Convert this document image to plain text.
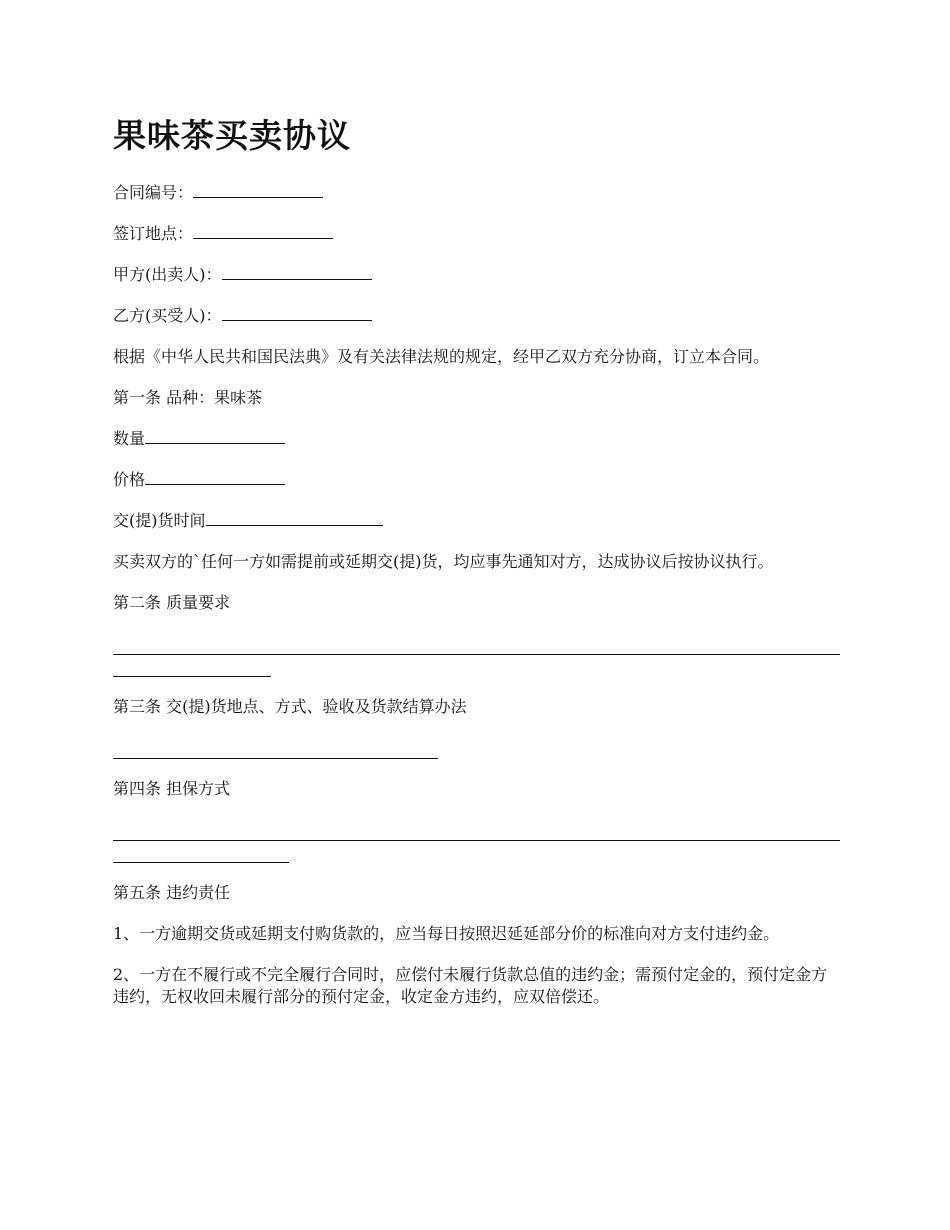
果味茶买卖协议

合同编号：

签订地点：

甲方(出卖人)：

乙方(买受人)：

根据《中华人民共和国民法典》及有关法律法规的规定，经甲乙双方充分协商，订立本合同。

第一条 品种：果味茶

数量

价格

交(提)货时间

买卖双方的`任何一方如需提前或延期交(提)货，均应事先通知对方，达成协议后按协议执行。

第二条 质量要求

第三条 交(提)货地点、方式、验收及货款结算办法

第四条 担保方式

第五条 违约责任

1、一方逾期交货或延期支付购货款的，应当每日按照迟延延部分价的标准向对方支付违约金。

2、一方在不履行或不完全履行合同时，应偿付未履行货款总值的违约金；需预付定金的，预付定金方违约，无权收回未履行部分的预付定金，收定金方违约，应双倍偿还。
